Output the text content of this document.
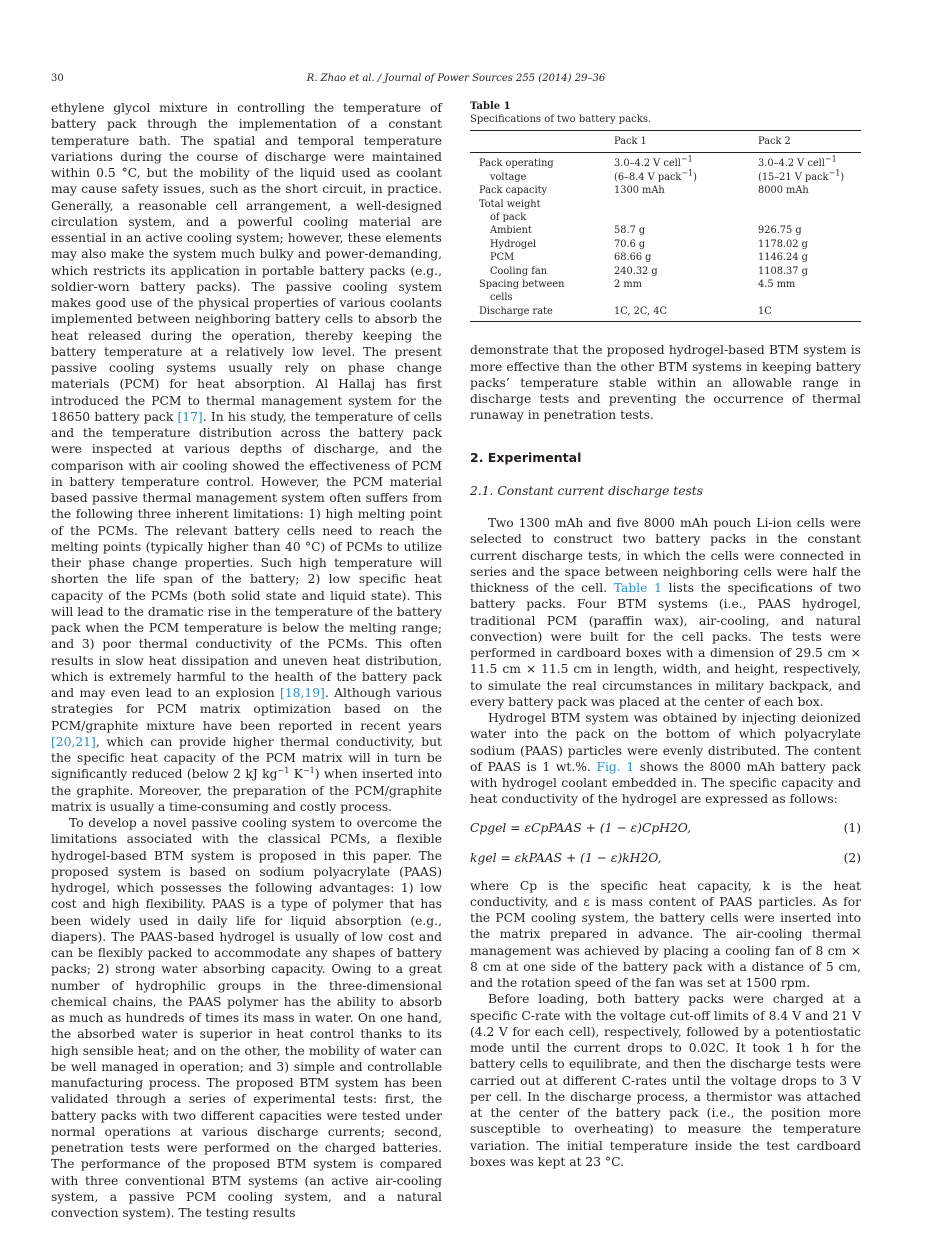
30	R. Zhao et al. / Journal of Power Sources 255 (2014) 29–36

ethylene glycol mixture in controlling the temperature of battery pack through the implementation of a constant temperature bath. The spatial and temporal temperature variations during the course of discharge were maintained within 0.5 °C, but the mobility of the liquid used as coolant may cause safety issues, such as the short circuit, in practice. Generally, a reasonable cell arrangement, a well-designed circulation system, and a powerful cooling material are essential in an active cooling system; however, these elements may also make the system much bulky and power-demanding, which restricts its application in portable battery packs (e.g., soldier-worn battery packs). The passive cooling system makes good use of the physical properties of various coolants implemented between neighboring battery cells to absorb the heat released during the operation, thereby keeping the battery temperature at a relatively low level. The present passive cooling systems usually rely on phase change materials (PCM) for heat absorption. Al Hallaj has first introduced the PCM to thermal management system for the 18650 battery pack [17]. In his study, the temperature of cells and the temperature distribution across the battery pack were inspected at various depths of discharge, and the comparison with air cooling showed the effectiveness of PCM in battery temperature control. However, the PCM material based passive thermal management system often suffers from the following three inherent limitations: 1) high melting point of the PCMs. The relevant battery cells need to reach the melting points (typically higher than 40 °C) of PCMs to utilize their phase change properties. Such high temperature will shorten the life span of the battery; 2) low specific heat capacity of the PCMs (both solid state and liquid state). This will lead to the dramatic rise in the temperature of the battery pack when the PCM temperature is below the melting range; and 3) poor thermal conductivity of the PCMs. This often results in slow heat dissipation and uneven heat distribution, which is extremely harmful to the health of the battery pack and may even lead to an explosion [18,19]. Although various strategies for PCM matrix optimization based on the PCM/graphite mixture have been reported in recent years [20,21], which can provide higher thermal conductivity, but the specific heat capacity of the PCM matrix will in turn be significantly reduced (below 2 kJ $kg^{-1}$ $K^{-1}$) when inserted into the graphite. Moreover, the preparation of the PCM/graphite matrix is usually a time-consuming and costly process.

To develop a novel passive cooling system to overcome the limitations associated with the classical PCMs, a flexible hydrogel-based BTM system is proposed in this paper. The proposed system is based on sodium polyacrylate (PAAS) hydrogel, which possesses the following advantages: 1) low cost and high flexibility. PAAS is a type of polymer that has been widely used in daily life for liquid absorption (e.g., diapers). The PAAS-based hydrogel is usually of low cost and can be flexibly packed to accommodate any shapes of battery packs; 2) strong water absorbing capacity. Owing to a great number of hydrophilic groups in the three-dimensional chemical chains, the PAAS polymer has the ability to absorb as much as hundreds of times its mass in water. On one hand, the absorbed water is superior in heat control thanks to its high sensible heat; and on the other, the mobility of water can be well managed in operation; and 3) simple and controllable manufacturing process. The proposed BTM system has been validated through a series of experimental tests: first, the battery packs with two different capacities were tested under normal operations at various discharge currents; second, penetration tests were performed on the charged batteries. The performance of the proposed BTM system is compared with three conventional BTM systems (an active air-cooling system, a passive PCM cooling system, and a natural convection system). The testing results

Table 1
Specifications of two battery packs.
	Pack 1	Pack 2
Pack operating	3.0–4.2 V cell$^{-1}$	3.0–4.2 V cell$^{-1}$
voltage	(6–8.4 V pack$^{-1}$)	(15–21 V pack$^{-1}$)
Pack capacity	1300 mAh	8000 mAh
Total weight		
of pack		
Ambient	58.7 g	926.75 g
Hydrogel	70.6 g	1178.02 g
PCM	68.66 g	1146.24 g
Cooling fan	240.32 g	1108.37 g
Spacing between	2 mm	4.5 mm
cells		
Discharge rate	1C, 2C, 4C	1C

demonstrate that the proposed hydrogel-based BTM system is more effective than the other BTM systems in keeping battery packs’ temperature stable within an allowable range in discharge tests and preventing the occurrence of thermal runaway in penetration tests.

2. Experimental
2.1. Constant current discharge tests

Two 1300 mAh and five 8000 mAh pouch Li-ion cells were selected to construct two battery packs in the constant current discharge tests, in which the cells were connected in series and the space between neighboring cells were half the thickness of the cell. Table 1 lists the specifications of two battery packs. Four BTM systems (i.e., PAAS hydrogel, traditional PCM (paraffin wax), air-cooling, and natural convection) were built for the cell packs. The tests were performed in cardboard boxes with a dimension of 29.5 cm × 11.5 cm × 11.5 cm in length, width, and height, respectively, to simulate the real circumstances in military backpack, and every battery pack was placed at the center of each box.

Hydrogel BTM system was obtained by injecting deionized water into the pack on the bottom of which polyacrylate sodium (PAAS) particles were evenly distributed. The content of PAAS is 1 wt.%. Fig. 1 shows the 8000 mAh battery pack with hydrogel coolant embedded in. The specific capacity and heat conductivity of the hydrogel are expressed as follows:

Cpgel = εCpPAAS + (1 − ε)CpH2O,	(1)
kgel = εkPAAS + (1 − ε)kH2O,	(2)

where Cp is the specific heat capacity, k is the heat conductivity, and ε is mass content of PAAS particles. As for the PCM cooling system, the battery cells were inserted into the matrix prepared in advance. The air-cooling thermal management was achieved by placing a cooling fan of 8 cm × 8 cm at one side of the battery pack with a distance of 5 cm, and the rotation speed of the fan was set at 1500 rpm.

Before loading, both battery packs were charged at a specific C-rate with the voltage cut-off limits of 8.4 V and 21 V (4.2 V for each cell), respectively, followed by a potentiostatic mode until the current drops to 0.02C. It took 1 h for the battery cells to equilibrate, and then the discharge tests were carried out at different C-rates until the voltage drops to 3 V per cell. In the discharge process, a thermistor was attached at the center of the battery pack (i.e., the position more susceptible to overheating) to measure the temperature variation. The initial temperature inside the test cardboard boxes was kept at 23 °C.
